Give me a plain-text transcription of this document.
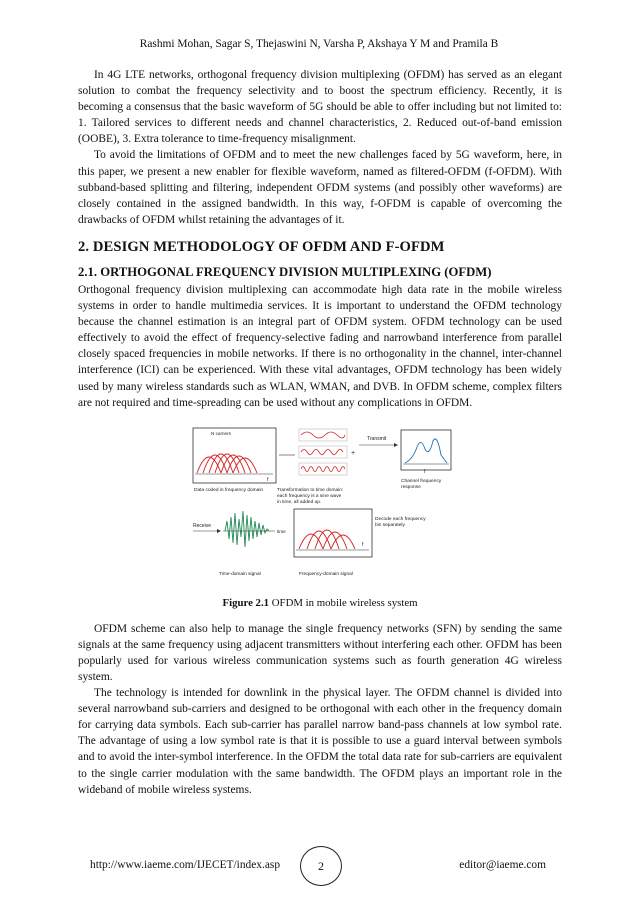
Rashmi Mohan, Sagar S, Thejaswini N, Varsha P, Akshaya Y M and Pramila B

In 4G LTE networks, orthogonal frequency division multiplexing (OFDM) has served as an elegant solution to combat the frequency selectivity and to boost the spectrum efficiency. Recently, it is becoming a consensus that the basic waveform of 5G should be able to offer including but not limited to: 1. Tailored services to different needs and channel characteristics, 2. Reduced out-of-band emission (OOBE), 3. Extra tolerance to time-frequency misalignment.

To avoid the limitations of OFDM and to meet the new challenges faced by 5G waveform, here, in this paper, we present a new enabler for flexible waveform, named as filtered-OFDM (f-OFDM). With subband-based splitting and filtering, independent OFDM systems (and possibly other waveforms) are closely contained in the assigned bandwidth. In this way, f-OFDM is capable of overcoming the drawbacks of OFDM whilst retaining the advantages of it.

2. DESIGN METHODOLOGY OF OFDM AND F-OFDM
2.1. ORTHOGONAL FREQUENCY DIVISION MULTIPLEXING (OFDM)

Orthogonal frequency division multiplexing can accommodate high data rate in the mobile wireless systems in order to handle multimedia services. It is important to understand the OFDM technology because the channel estimation is an integral part of OFDM system. OFDM technology can be used effectively to avoid the effect of frequency-selective fading and narrowband interference from parallel closely spaced frequencies in mobile networks. If there is no orthogonality in the channel, inter-channel interference (ICI) can be experienced. With these vital advantages, OFDM technology has been widely used by many wireless standards such as WLAN, WMAN, and DVB. In OFDM scheme, complex filters are not required and time-spreading can be used without any complications in OFDM.

N carriers
f
+
Transmit
f
Data coded in frequency domain	Transformation to time domain:
each frequency is a sine wave
in time, all added up.
Channel frequency
response
Receive
time
f
Decode each frequency
bin separately
Time-domain signal	Frequency-domain signal
Figure 2.1 OFDM in mobile wireless system

OFDM scheme can also help to manage the single frequency networks (SFN) by sending the same signals at the same frequency using adjacent transmitters without interfering each other. OFDM has been popularly used for various wireless communication systems such as fourth generation 4G wireless system.

The technology is intended for downlink in the physical layer. The OFDM channel is divided into several narrowband sub-carriers and designed to be orthogonal with each other in the frequency domain for carrying data symbols. Each sub-carrier has parallel narrow band-pass channels at low symbol rate. The advantage of using a low symbol rate is that it is possible to use a guard interval between symbols and to avoid the inter-symbol interference. In the OFDM the total data rate for sub-carriers are equivalent to the single carrier modulation with the same bandwidth. The OFDM plays an important role in the wideband of mobile wireless systems.

http://www.iaeme.com/IJECET/index.asp	2	editor@iaeme.com
